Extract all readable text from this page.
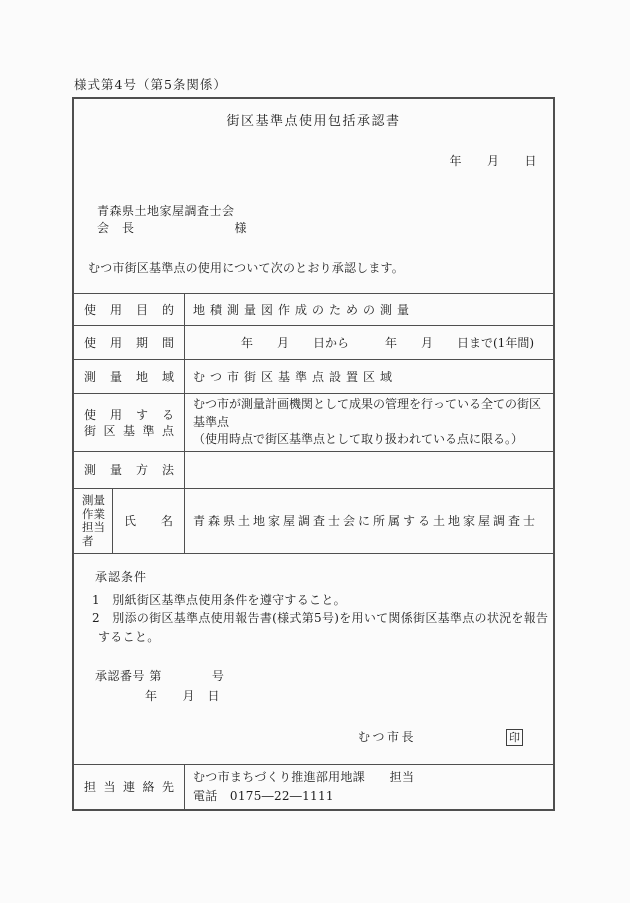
様式第4号（第5条関係）
街区基準点使用包括承認書
年　　月　　日
青森県土地家屋調査士会
会　長　　　　　　　　様
むつ市街区基準点の使用について次のとおり承認します。
使 用 目 的 地積測量図作成のための測量
使 用 期 間 　　　　年　　月　　日から　　　年　　月　　日まで(1年間)
測 量 地 域 むつ市街区基準点設置区域
使 用 す る
街 区 基 準 点
むつ市が測量計画機関として成果の管理を行っている全ての街区基準点
（使用時点で街区基準点として取り扱われている点に限る。）
測 量 方 法
測 量
作 業
担 当
者
氏 名 青森県土地家屋調査士会に所属する土地家屋調査士
承認条件
1　別紙街区基準点使用条件を遵守すること。
2　別添の街区基準点使用報告書(様式第5号)を用いて関係街区基準点の状況を報告すること。
承認番号 第　　　　号
年　　月　日
むつ市長	印
担 当 連 絡 先
むつ市まちづくり推進部用地課　　担当
電話　0175―22―1111
